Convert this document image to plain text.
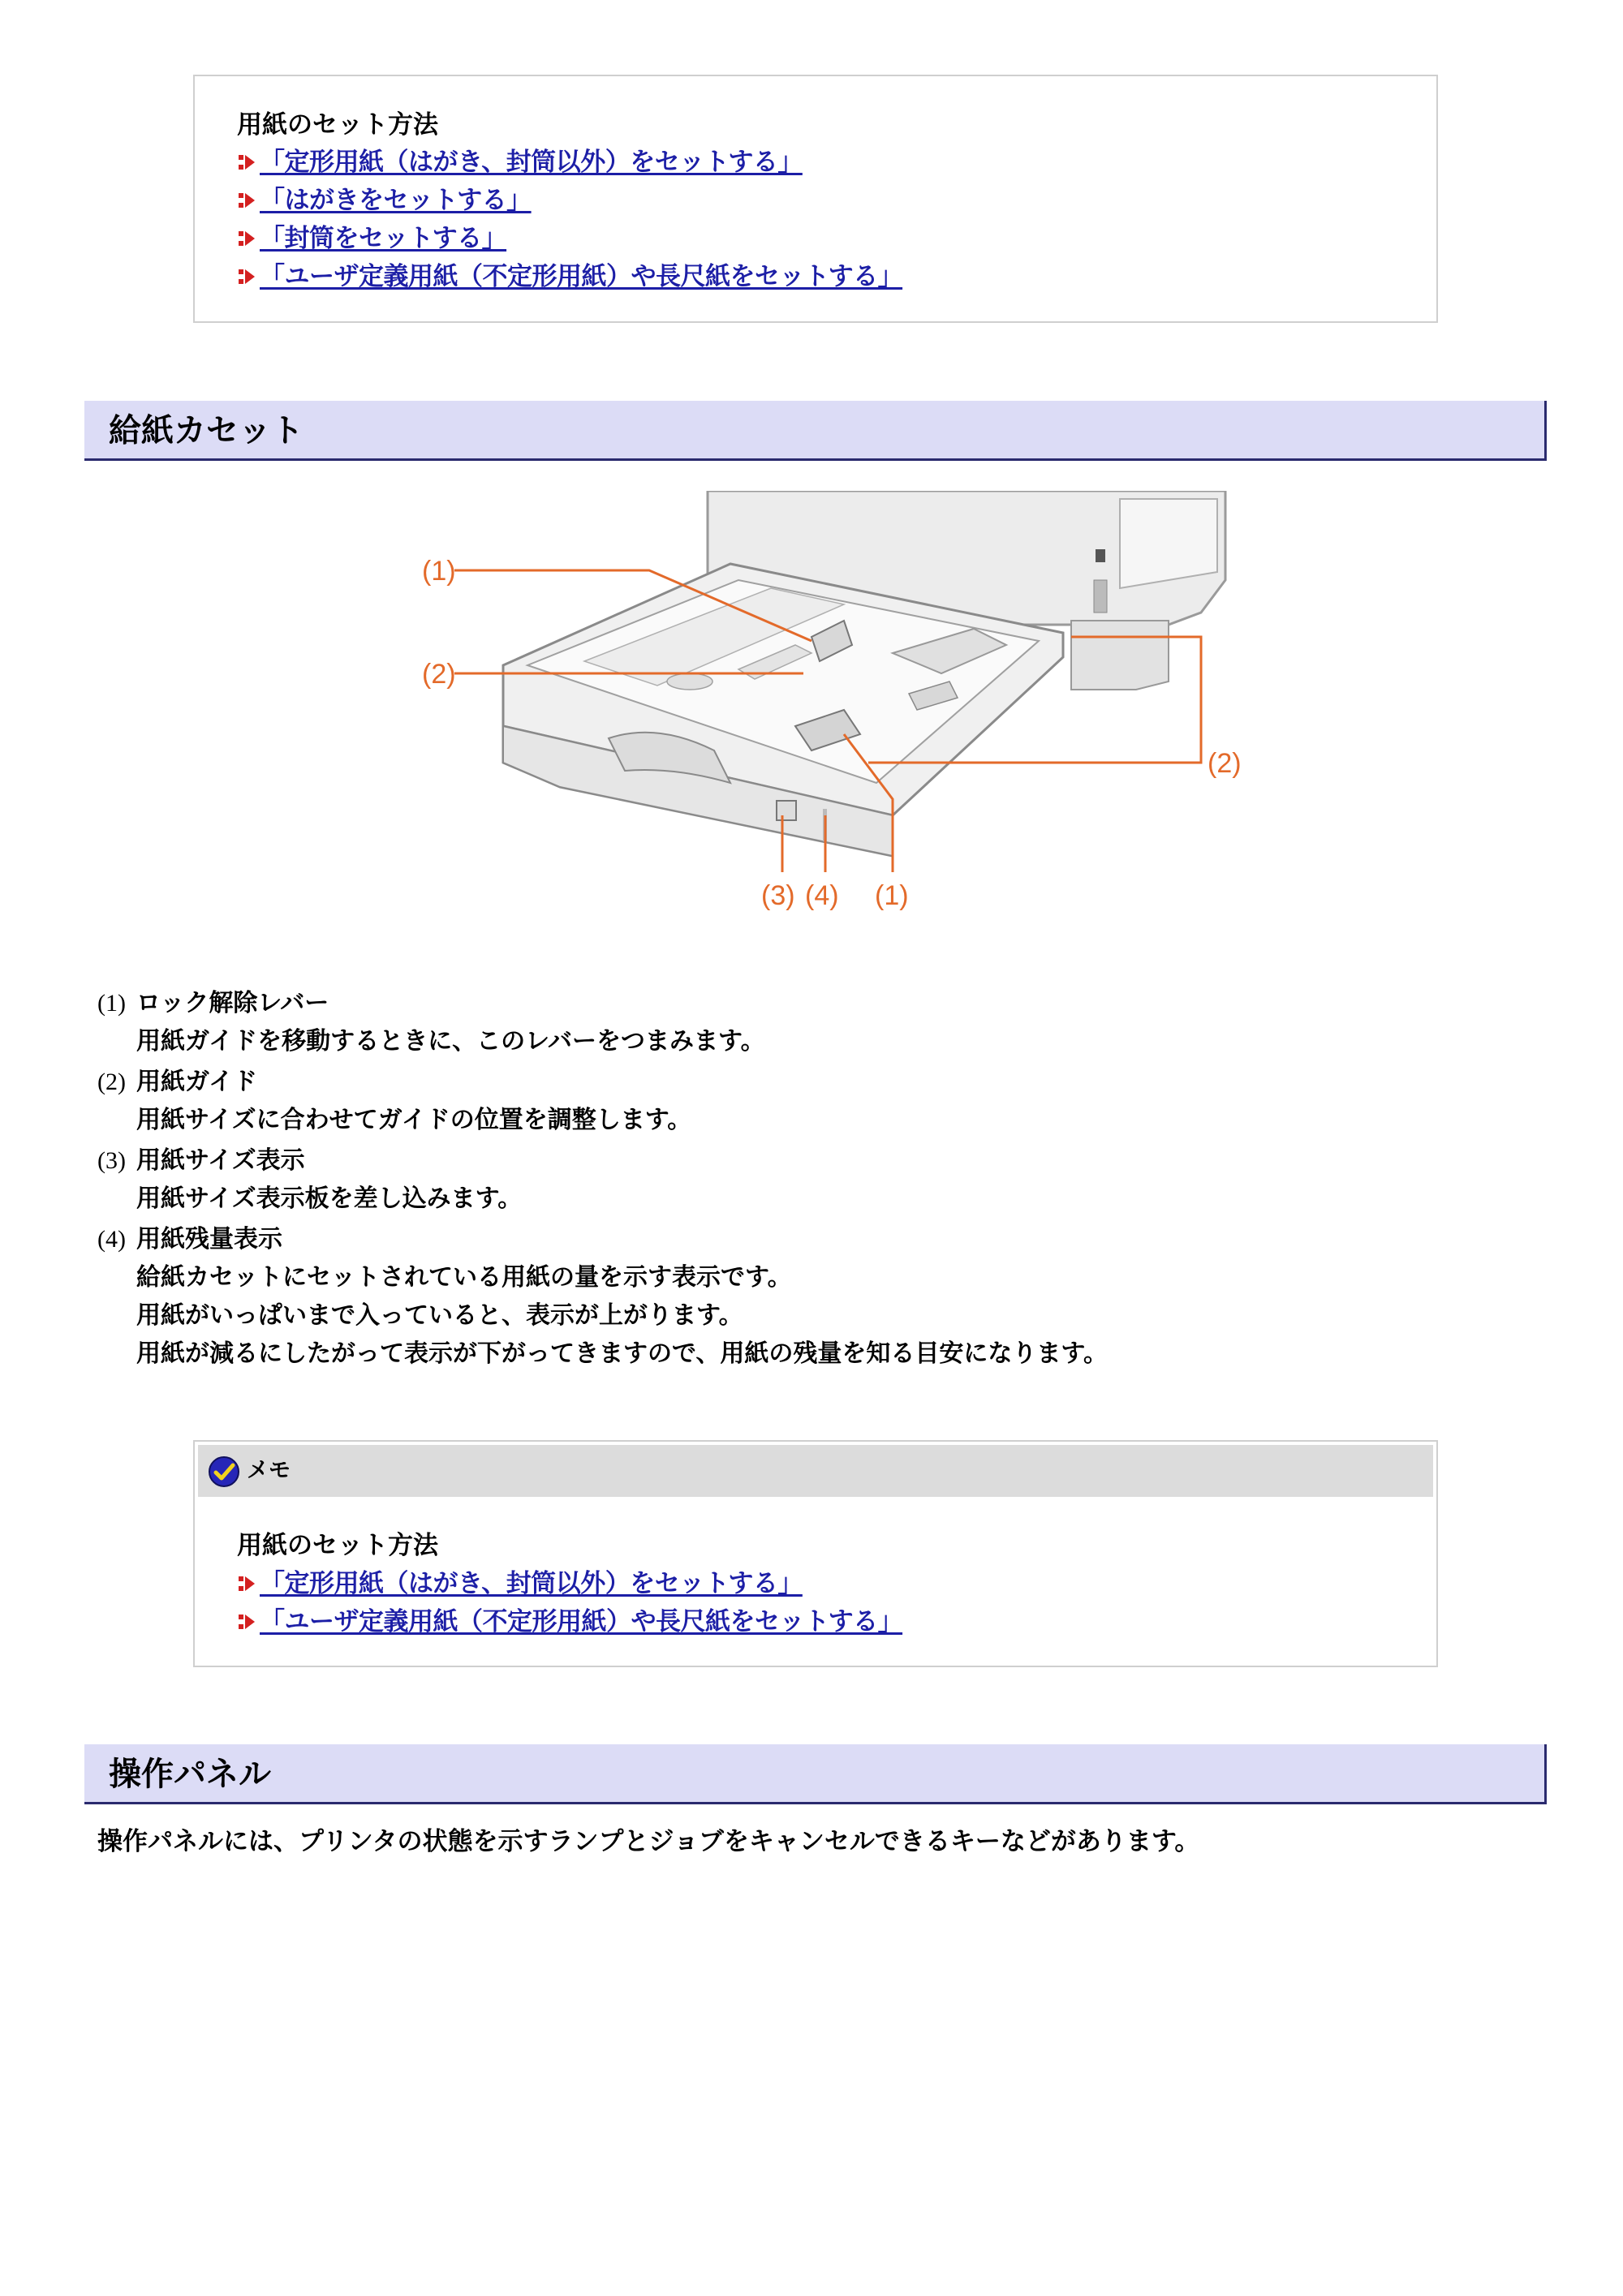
用紙のセット方法
「定形用紙（はがき、封筒以外）をセットする」
「はがきをセットする」
「封筒をセットする」
「ユーザ定義用紙（不定形用紙）や長尺紙をセットする」
給紙カセット
(1)
(2)
(2)
(3) (4) (1)
(1) ロック解除レバー
用紙ガイドを移動するときに、このレバーをつまみます。
(2) 用紙ガイド
用紙サイズに合わせてガイドの位置を調整します。
(3) 用紙サイズ表示
用紙サイズ表示板を差し込みます。
(4) 用紙残量表示
給紙カセットにセットされている用紙の量を示す表示です。
用紙がいっぱいまで入っていると、表示が上がります。
用紙が減るにしたがって表示が下がってきますので、用紙の残量を知る目安になります。
メモ
用紙のセット方法
「定形用紙（はがき、封筒以外）をセットする」
「ユーザ定義用紙（不定形用紙）や長尺紙をセットする」
操作パネル
操作パネルには、プリンタの状態を示すランプとジョブをキャンセルできるキーなどがあります。
